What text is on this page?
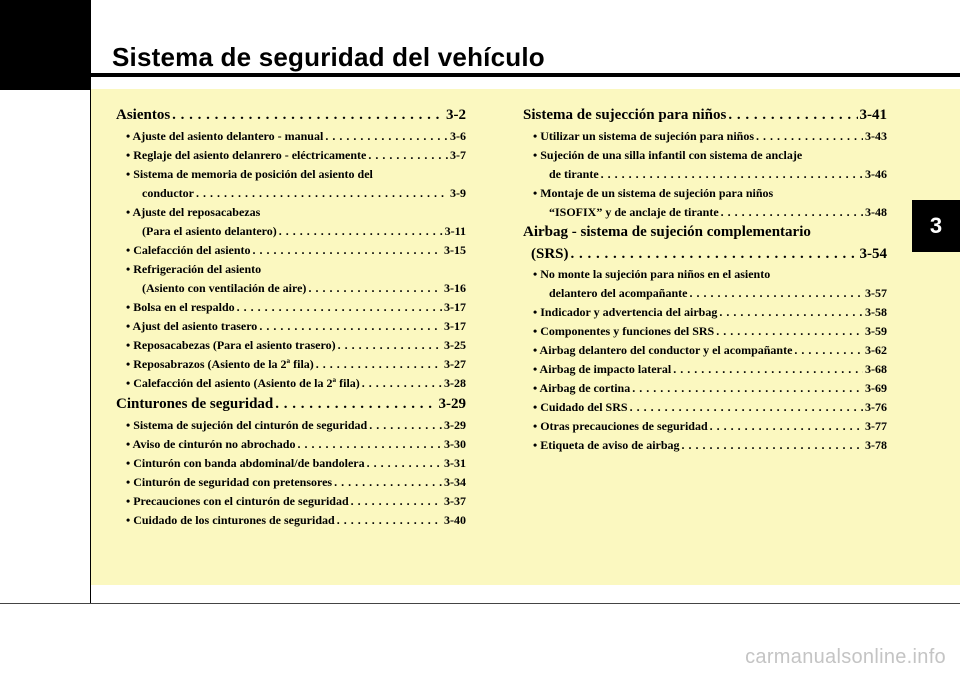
Sistema de seguridad del vehículo
3
Asientos . . .	3-2
• Ajuste del asiento delantero - manual . . .	3-6
• Reglaje del asiento delanrero - eléctricamente . . .	3-7
• Sistema de memoria de posición del asiento del
conductor . . .	3-9
• Ajuste del reposacabezas
(Para el asiento delantero) . . .	3-11
• Calefacción del asiento . . .	3-15
• Refrigeración del asiento
(Asiento con ventilación de aire) . . .	3-16
• Bolsa en el respaldo . . .	3-17
• Ajust del asiento trasero . . .	3-17
• Reposacabezas (Para el asiento trasero) . . .	3-25
• Reposabrazos (Asiento de la 2ª fila) . . .	3-27
• Calefacción del asiento (Asiento de la 2ª fila) . . .	3-28
Cinturones de seguridad . . .	3-29
• Sistema de sujeción del cinturón de seguridad . . .	3-29
• Aviso de cinturón no abrochado . . .	3-30
• Cinturón con banda abdominal/de bandolera . . .	3-31
• Cinturón de seguridad con pretensores . . .	3-34
• Precauciones con el cinturón de seguridad . . .	3-37
• Cuidado de los cinturones de seguridad . . .	3-40
Sistema de sujección para niños . . .	3-41
• Utilizar un sistema de sujeción para niños . . .	3-43
• Sujeción de una silla infantil con sistema de anclaje
de tirante . . .	3-46
• Montaje de un sistema de sujeción para niños
“ISOFIX” y de anclaje de tirante . . .	3-48
Airbag - sistema de sujeción complementario
(SRS) . . .	3-54
• No monte la sujeción para niños en el asiento
delantero del acompañante . . .	3-57
• Indicador y advertencia del airbag . . .	3-58
• Componentes y funciones del SRS . . .	3-59
• Airbag delantero del conductor y el acompañante . . .	3-62
• Airbag de impacto lateral . . .	3-68
• Airbag de cortina . . .	3-69
• Cuidado del SRS . . .	3-76
• Otras precauciones de seguridad . . .	3-77
• Etiqueta de aviso de airbag . . .	3-78
carmanualsonline.info
